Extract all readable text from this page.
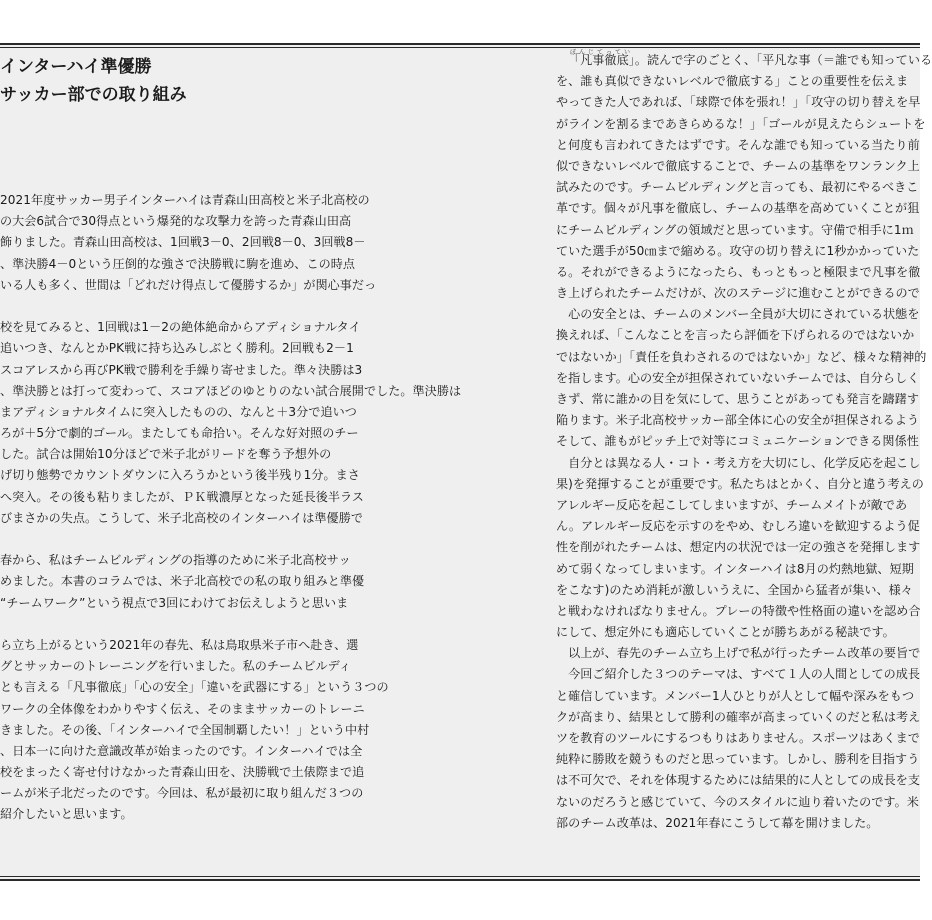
インターハイ準優勝
サッカー部での取り組み
2021年度サッカー男子インターハイは青森山田高校と米子北高校の
の大会6試合で30得点という爆発的な攻撃力を誇った青森山田高
飾りました。青森山田高校は、1回戦3－0、2回戦8－0、3回戦8－
、準決勝4－0という圧倒的な強さで決勝戦に駒を進め、この時点
いる人も多く、世間は「どれだけ得点して優勝するか」が関心事だっ
校を見てみると、1回戦は1－2の絶体絶命からアディショナルタイ
追いつき、なんとかPK戦に持ち込みしぶとく勝利。2回戦も2－1
スコアレスから再びPK戦で勝利を手繰り寄せました。準々決勝は3
、準決勝とは打って変わって、スコアほどのゆとりのない試合展開でした。準決勝は
まアディショナルタイムに突入したものの、なんと＋3分で追いつ
ろが＋5分で劇的ゴール。またしても命拾い。そんな好対照のチー
した。試合は開始10分ほどで米子北がリードを奪う予想外の
げ切り態勢でカウントダウンに入ろうかという後半残り1分。まさ
へ突入。その後も粘りましたが、ＰＫ戦濃厚となった延長後半ラス
びまさかの失点。こうして、米子北高校のインターハイは準優勝で
春から、私はチームビルディングの指導のために米子北高校サッ
めました。本書のコラムでは、米子北高校での私の取り組みと準優
“チームワーク”という視点で3回にわけてお伝えしようと思いま
ら立ち上がるという2021年の春先、私は鳥取県米子市へ赴き、選
グとサッカーのトレーニングを行いました。私のチームビルディ
とも言える「凡事徹底」「心の安全」「違いを武器にする」という３つの
ワークの全体像をわかりやすく伝え、そのままサッカーのトレーニ
きました。その後、「インターハイで全国制覇したい！」という中村
、日本一に向けた意識改革が始まったのです。インターハイでは全
校をまったく寄せ付けなかった青森山田を、決勝戦で土俵際まで追
ームが米子北だったのです。今回は、私が最初に取り組んだ３つの
紹介したいと思います。
ぼんじてってい 「凡事徹底」。読んで字のごとく、「平凡な事（＝誰でも知っている
を、誰も真似できないレベルで徹底する」ことの重要性を伝えま
やってきた人であれば、「球際で体を張れ！」「攻守の切り替えを早
がラインを割るまであきらめるな！」「ゴールが見えたらシュートを
と何度も言われてきたはずです。そんな誰でも知っている当たり前
似できないレベルで徹底することで、チームの基準をワンランク上
試みたのです。チームビルディングと言っても、最初にやるべきこ
革です。個々が凡事を徹底し、チームの基準を高めていくことが狙
にチームビルディングの領域だと思っています。守備で相手に1ｍ
ていた選手が50㎝まで縮める。攻守の切り替えに1秒かかっていた
る。それができるようになったら、もっともっと極限まで凡事を徹
き上げられたチームだけが、次のステージに進むことができるので
　心の安全とは、チームのメンバー全員が大切にされている状態を
換えれば、「こんなことを言ったら評価を下げられるのではないか
ではないか」「責任を負わされるのではないか」など、様々な精神的
を指します。心の安全が担保されていないチームでは、自分らしく
きず、常に誰かの目を気にして、思うことがあっても発言を躊躇す
陥ります。米子北高校サッカー部全体に心の安全が担保されるよう
そして、誰もがピッチ上で対等にコミュニケーションできる関係性
　自分とは異なる人・コト・考え方を大切にし、化学反応を起こし
果)を発揮することが重要です。私たちはとかく、自分と違う考えの
アレルギー反応を起こしてしまいますが、チームメイトが敵であ
ん。アレルギー反応を示すのをやめ、むしろ違いを歓迎するよう促
性を削がれたチームは、想定内の状況では一定の強さを発揮します
めて弱くなってしまいます。インターハイは8月の灼熱地獄、短期
をこなす)のため消耗が激しいうえに、全国から猛者が集い、様々
と戦わなければなりません。プレーの特徴や性格面の違いを認め合
にして、想定外にも適応していくことが勝ちあがる秘訣です。
　以上が、春先のチーム立ち上げで私が行ったチーム改革の要旨で
　今回ご紹介した３つのテーマは、すべて１人の人間としての成長
と確信しています。メンバー1人ひとりが人として幅や深みをもつ
クが高まり、結果として勝利の確率が高まっていくのだと私は考え
ツを教育のツールにするつもりはありません。スポーツはあくまで
純粋に勝敗を競うものだと思っています。しかし、勝利を目指すう
は不可欠で、それを体現するためには結果的に人としての成長を支
ないのだろうと感じていて、今のスタイルに辿り着いたのです。米
部のチーム改革は、2021年春にこうして幕を開けました。
